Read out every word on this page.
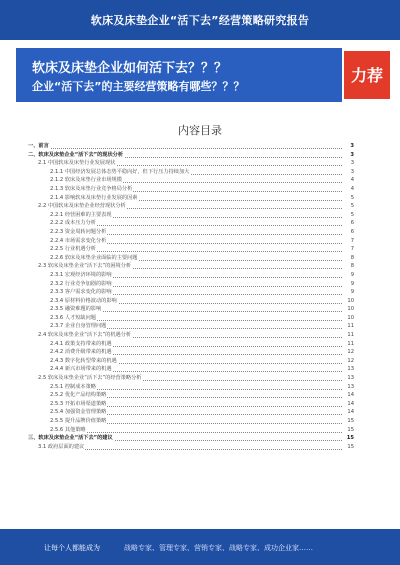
软床及床垫企业“活下去”经营策略研究报告
软床及床垫企业如何活下去？？？
企业“活下去”的主要经营策略有哪些？？？
力荐
内容目录
一、前言	3
二、软床及床垫企业“活下去”的现状分析	3
2.1 中国软床及床垫行业发展现状	3
2.1.1 中国经济发展总体态势平稳向好，但下行压力持续加大	3
2.1.2 软床及床垫行业市场规模	4
2.1.3 软床及床垫行业竞争格局分析	4
2.1.4 影响软床及床垫行业发展的因素	5
2.2 中国软床及床垫企业经营现状分析	5
2.2.1 经营困难的主要表现	5
2.2.2 成本压力分析	6
2.2.3 资金周转问题分析	6
2.2.4 市场需求变化分析	7
2.2.5 行业机遇分析	7
2.2.6 软床及床垫企业面临的主要问题	8
2.3 软床及床垫企业“活下去”的困境分析	8
2.3.1 宏观经济环境的影响	9
2.3.2 行业竞争加剧的影响	9
2.3.3 客户需求变化的影响	9
2.3.4 原材料价格波动的影响	10
2.3.5 融资难题的影响	10
2.3.6 人才短缺问题	10
2.3.7 企业自身管理问题	11
2.4 软床及床垫企业“活下去”的机遇分析	11
2.4.1 政策支持带来的机遇	11
2.4.2 消费升级带来的机遇	12
2.4.3 数字化转型带来的机遇	12
2.4.4 新兴市场带来的机遇	13
2.5 软床及床垫企业“活下去”的经营策略分析	13
2.5.1 控制成本策略	13
2.5.2 优化产品结构策略	14
2.5.3 开拓市场渠道策略	14
2.5.4 加强资金管理策略	14
2.5.5 提升品牌价值策略	15
2.5.6 其他策略	15
三、软床及床垫企业“活下去”的建议	15
3.1 政府层面的建议	15
让每个人都能成为	战略专家、管理专家、营销专家、战略专家、成功企业家……
